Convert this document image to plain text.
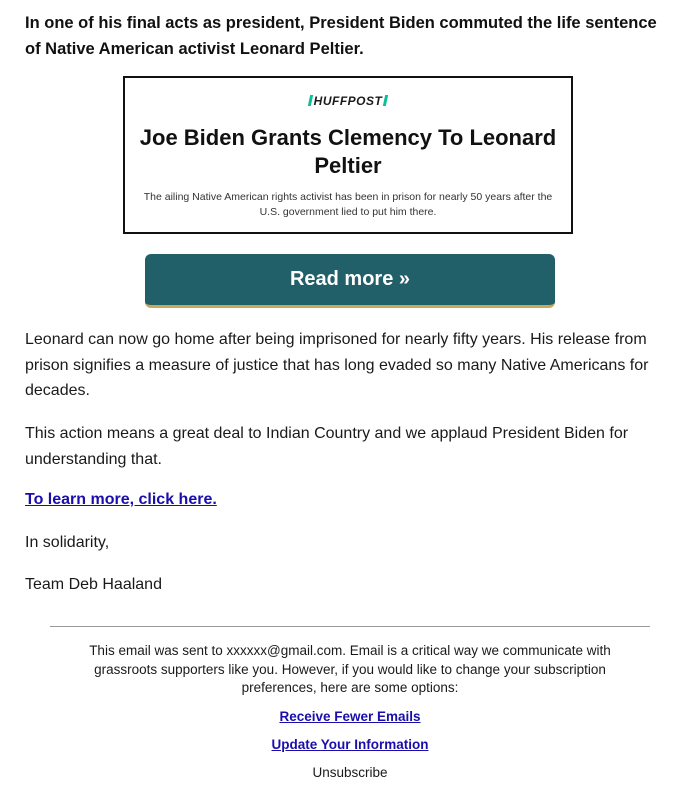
In one of his final acts as president, President Biden commuted the life sentence of Native American activist Leonard Peltier.

HUFFPOST
Joe Biden Grants Clemency To Leonard Peltier
The ailing Native American rights activist has been in prison for nearly 50 years after the U.S. government lied to put him there.
Read more »

Leonard can now go home after being imprisoned for nearly fifty years. His release from prison signifies a measure of justice that has long evaded so many Native Americans for decades.

This action means a great deal to Indian Country and we applaud President Biden for understanding that.

To learn more, click here.
In solidarity,
Team Deb Haaland

This email was sent to xxxxxx@gmail.com. Email is a critical way we communicate with grassroots supporters like you. However, if you would like to change your subscription preferences, here are some options:

Receive Fewer Emails
Update Your Information
Unsubscribe
